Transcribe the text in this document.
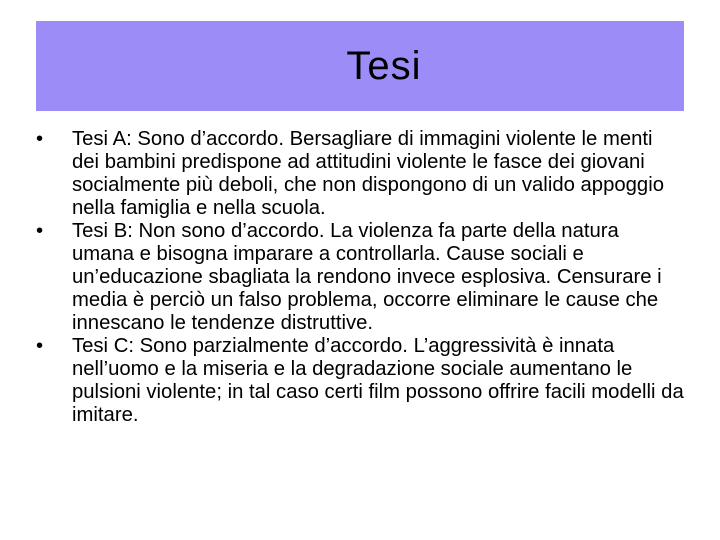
Tesi
•	Tesi A: Sono d’accordo. Bersagliare di immagini violente le menti dei bambini predispone ad attitudini violente le fasce dei giovani socialmente più deboli, che non dispongono di un valido appoggio nella famiglia e nella scuola.
•	Tesi B: Non sono d’accordo. La violenza fa parte della natura umana e bisogna imparare a controllarla. Cause sociali e un’educazione sbagliata la rendono invece esplosiva. Censurare i media è perciò un falso problema, occorre eliminare le cause che innescano le tendenze distruttive.
•	Tesi C: Sono parzialmente d’accordo. L’aggressività è innata nell’uomo e la miseria e la degradazione sociale aumentano le pulsioni violente; in tal caso certi film possono offrire facili modelli da imitare.
